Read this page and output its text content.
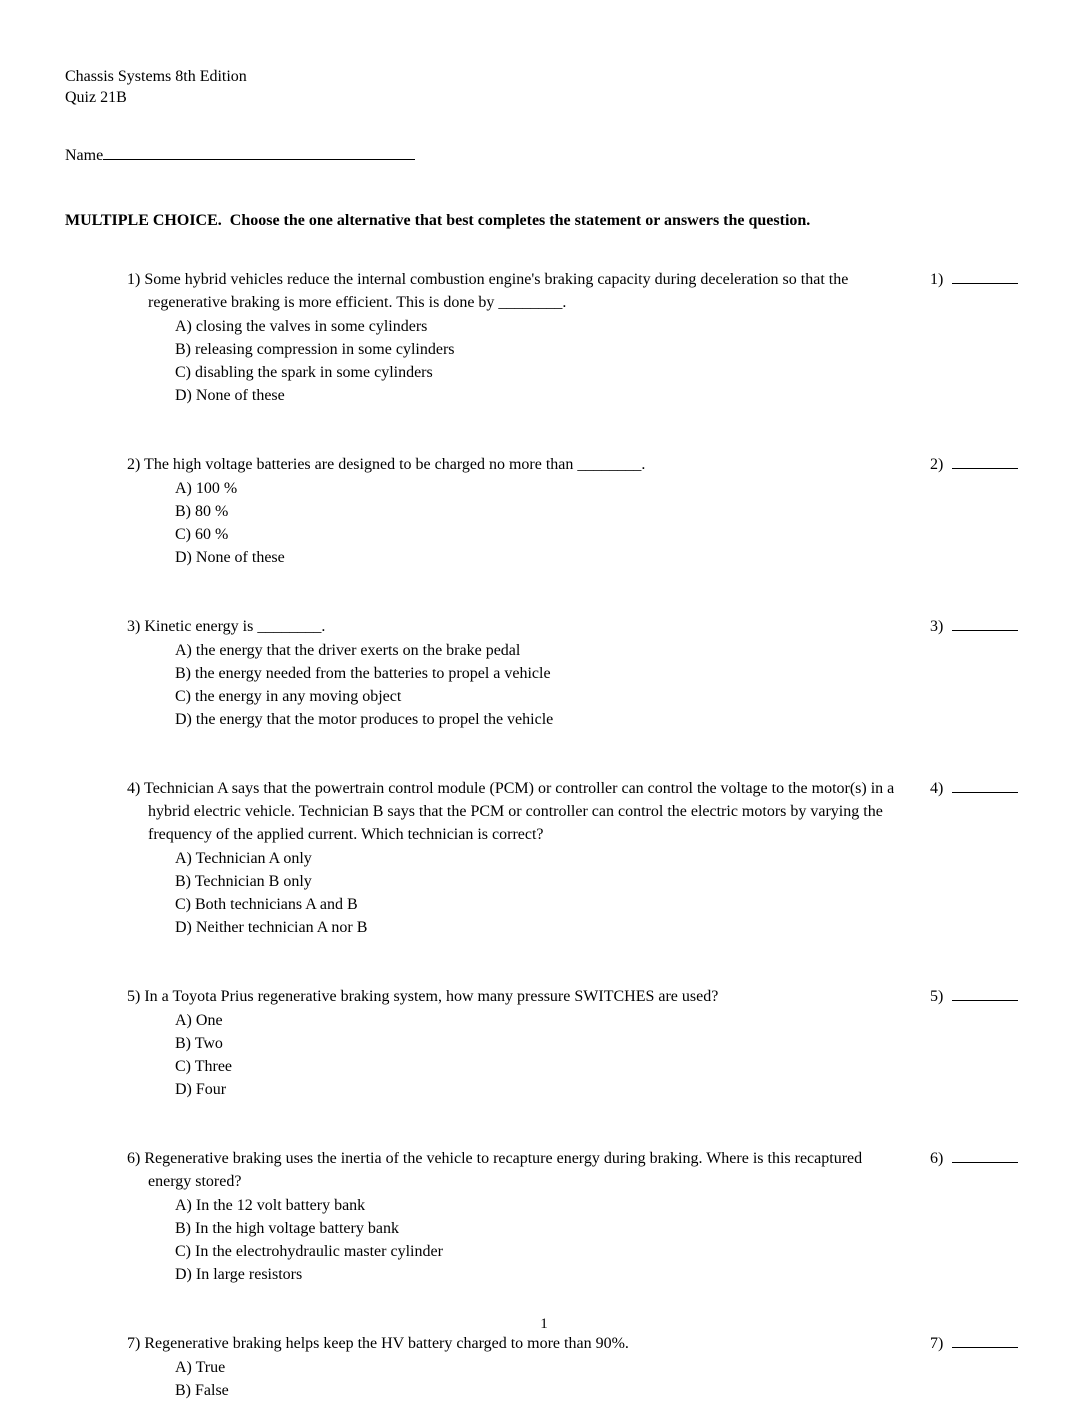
Chassis Systems 8th Edition
Quiz 21B
Name
MULTIPLE CHOICE.  Choose the one alternative that best completes the statement or answers the question.
1) Some hybrid vehicles reduce the internal combustion engine's braking capacity during deceleration so that the regenerative braking is more efficient. This is done by ________.
A) closing the valves in some cylinders
B) releasing compression in some cylinders
C) disabling the spark in some cylinders
D) None of these
1)
2) The high voltage batteries are designed to be charged no more than ________.
A) 100 %
B) 80 %
C) 60 %
D) None of these
2)
3) Kinetic energy is ________.
A) the energy that the driver exerts on the brake pedal
B) the energy needed from the batteries to propel a vehicle
C) the energy in any moving object
D) the energy that the motor produces to propel the vehicle
3)
4) Technician A says that the powertrain control module (PCM) or controller can control the voltage to the motor(s) in a hybrid electric vehicle. Technician B says that the PCM or controller can control the electric motors by varying the frequency of the applied current. Which technician is correct?
A) Technician A only
B) Technician B only
C) Both technicians A and B
D) Neither technician A nor B
4)
5) In a Toyota Prius regenerative braking system, how many pressure SWITCHES are used?
A) One
B) Two
C) Three
D) Four
5)
6) Regenerative braking uses the inertia of the vehicle to recapture energy during braking. Where is this recaptured energy stored?
A) In the 12 volt battery bank
B) In the high voltage battery bank
C) In the electrohydraulic master cylinder
D) In large resistors
6)
7) Regenerative braking helps keep the HV battery charged to more than 90%.
A) True
B) False
7)
1
